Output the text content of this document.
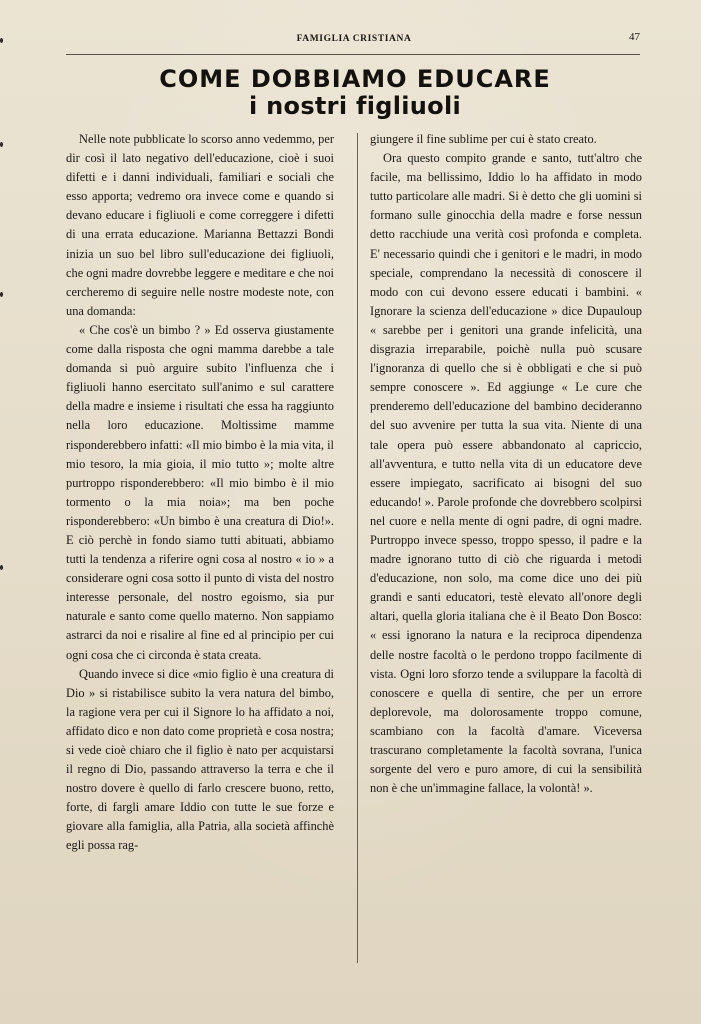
FAMIGLIA CRISTIANA	47
COME DOBBIAMO EDUCARE
i nostri figliuoli

Nelle note pubblicate lo scorso anno vedemmo, per dir così il lato negativo dell'educazione, cioè i suoi difetti e i danni individuali, familiari e sociali che esso apporta; vedremo ora invece come e quando si devano educare i figliuoli e come correggere i difetti di una errata educazione. Marianna Bettazzi Bondi inizia un suo bel libro sull'educazione dei figliuoli, che ogni madre dovrebbe leggere e meditare e che noi cercheremo di seguire nelle nostre modeste note, con una domanda:

« Che cos'è un bimbo ? » Ed osserva giustamente come dalla risposta che ogni mamma darebbe a tale domanda si può arguire subito l'influenza che i figliuoli hanno esercitato sull'animo e sul carattere della madre e insieme i risultati che essa ha raggiunto nella loro educazione. Moltissime mamme risponderebbero infatti: «Il mio bimbo è la mia vita, il mio tesoro, la mia gioia, il mio tutto »; molte altre purtroppo risponderebbero: «Il mio bimbo è il mio tormento o la mia noia»; ma ben poche risponderebbero: «Un bimbo è una creatura di Dio!». E ciò perchè in fondo siamo tutti abituati, abbiamo tutti la tendenza a riferire ogni cosa al nostro « io » a considerare ogni cosa sotto il punto di vista del nostro interesse personale, del nostro egoismo, sia pur naturale e santo come quello materno. Non sappiamo astrarci da noi e risalire al fine ed al principio per cui ogni cosa che ci circonda è stata creata.

Quando invece si dice «mio figlio è una creatura di Dio » si ristabilisce subito la vera natura del bimbo, la ragione vera per cui il Signore lo ha affidato a noi, affidato dico e non dato come proprietà e cosa nostra; si vede cioè chiaro che il figlio è nato per acquistarsi il regno di Dio, passando attraverso la terra e che il nostro dovere è quello di farlo crescere buono, retto, forte, di fargli amare Iddio con tutte le sue forze e giovare alla famiglia, alla Patria, alla società affinchè egli possa rag-

giungere il fine sublime per cui è stato creato.

Ora questo compito grande e santo, tutt'altro che facile, ma bellissimo, Iddio lo ha affidato in modo tutto particolare alle madri. Si è detto che gli uomini si formano sulle ginocchia della madre e forse nessun detto racchiude una verità così profonda e completa. E' necessario quindi che i genitori e le madri, in modo speciale, comprendano la necessità di conoscere il modo con cui devono essere educati i bambini. « Ignorare la scienza dell'educazione » dice Dupauloup « sarebbe per i genitori una grande infelicità, una disgrazia irreparabile, poichè nulla può scusare l'ignoranza di quello che si è obbligati e che si può sempre conoscere ». Ed aggiunge « Le cure che prenderemo dell'educazione del bambino decideranno del suo avvenire per tutta la sua vita. Niente di una tale opera può essere abbandonato al capriccio, all'avventura, e tutto nella vita di un educatore deve essere impiegato, sacrificato ai bisogni del suo educando! ». Parole profonde che dovrebbero scolpirsi nel cuore e nella mente di ogni padre, di ogni madre. Purtroppo invece spesso, troppo spesso, il padre e la madre ignorano tutto di ciò che riguarda i metodi d'educazione, non solo, ma come dice uno dei più grandi e santi educatori, testè elevato all'onore degli altari, quella gloria italiana che è il Beato Don Bosco: « essi ignorano la natura e la reciproca dipendenza delle nostre facoltà o le perdono troppo facilmente di vista. Ogni loro sforzo tende a sviluppare la facoltà di conoscere e quella di sentire, che per un errore deplorevole, ma dolorosamente troppo comune, scambiano con la facoltà d'amare. Viceversa trascurano completamente la facoltà sovrana, l'unica sorgente del vero e puro amore, di cui la sensibilità non è che un'immagine fallace, la volontà! ».
